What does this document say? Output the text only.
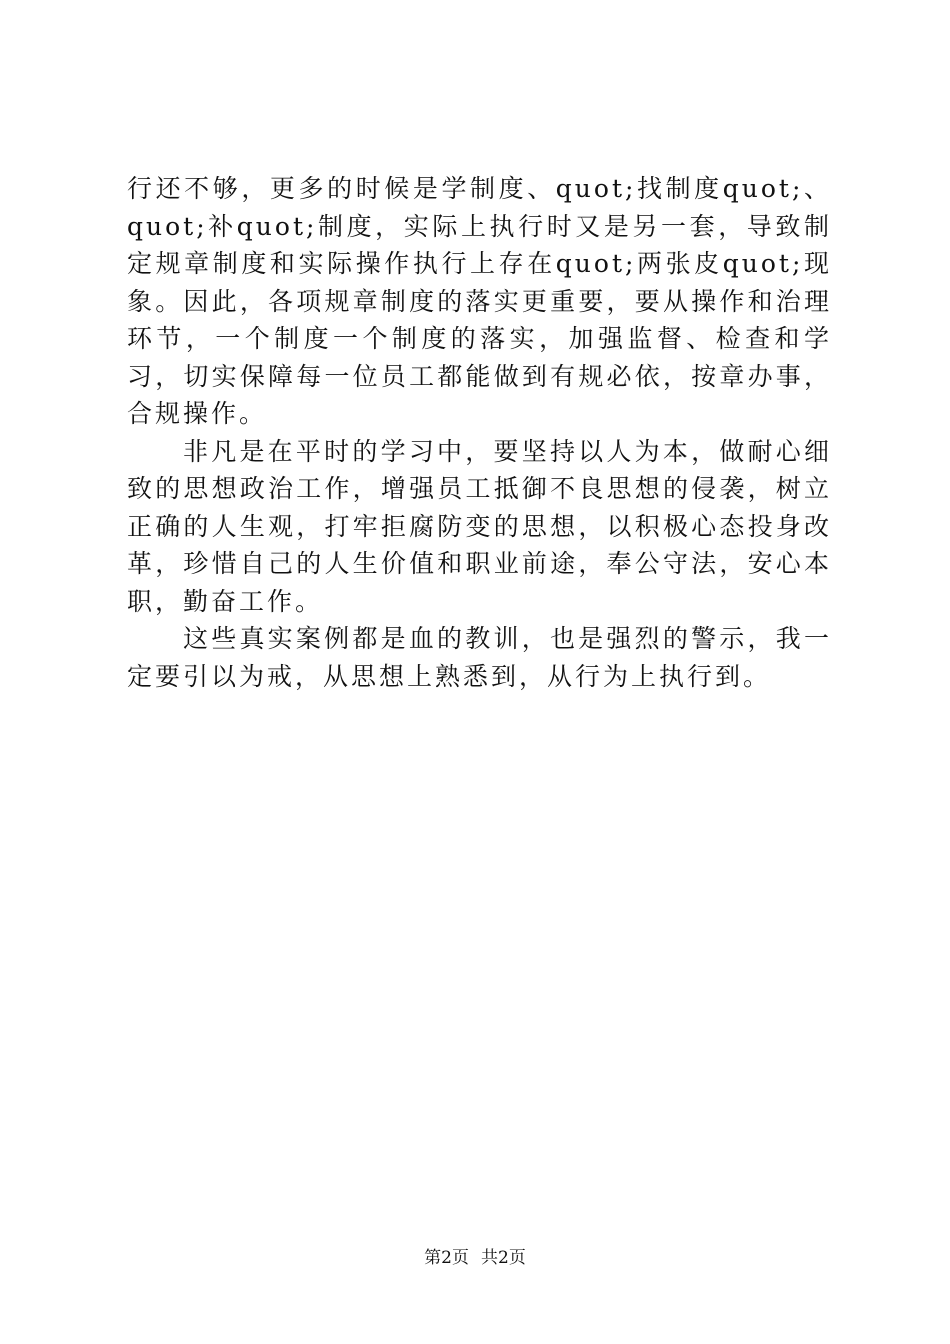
行还不够，更多的时候是学制度、quot;找制度quot;、quot;补quot;制度，实际上执行时又是另一套，导致制定规章制度和实际操作执行上存在quot;两张皮quot;现象。因此，各项规章制度的落实更重要，要从操作和治理环节，一个制度一个制度的落实，加强监督、检查和学习，切实保障每一位员工都能做到有规必依，按章办事，合规操作。

非凡是在平时的学习中，要坚持以人为本，做耐心细致的思想政治工作，增强员工抵御不良思想的侵袭，树立正确的人生观，打牢拒腐防变的思想，以积极心态投身改革，珍惜自己的人生价值和职业前途，奉公守法，安心本职，勤奋工作。

这些真实案例都是血的教训，也是强烈的警示，我一定要引以为戒，从思想上熟悉到，从行为上执行到。

第2页 共2页
